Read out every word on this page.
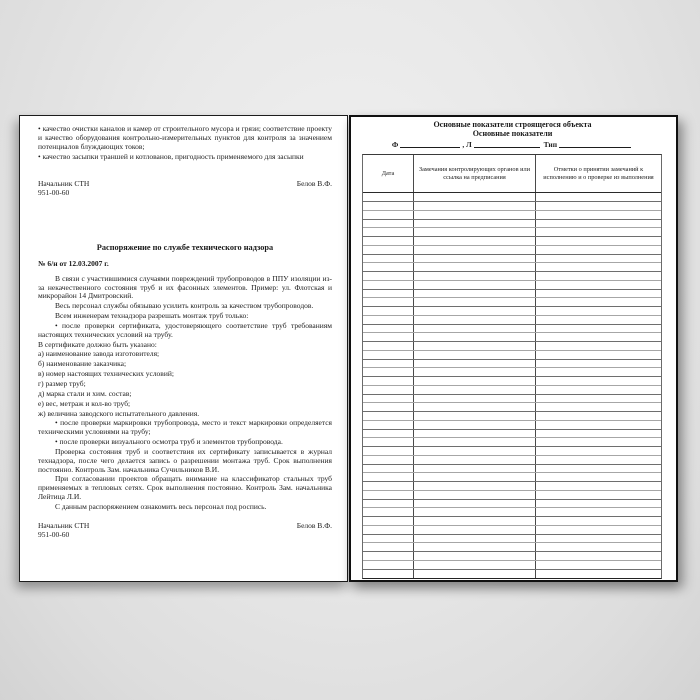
• качество очистки каналов и камер от строительного мусора и грязи; соответствие проекту и качество оборудования контрольно-измерительных пунктов для контроля за значением потенциалов блуждающих токов;

• качество засыпки траншей и котлованов, пригодность применяемого для засыпки

Начальник СТН
951-00-60
Белов В.Ф.
Распоряжение по службе технического надзора
№ 6/н от 12.03.2007 г.

В связи с участившимися случаями повреждений трубопроводов в ППУ изоляции из-за некачественного состояния труб и их фасонных элементов. Пример: ул. Флотская и микрорайон 14 Дмитровский.

Весь персонал службы обязываю усилить контроль за качеством трубопроводов.

Всем инженерам технадзора разрешать монтаж труб только:

• после проверки сертификата, удостоверяющего соответствие труб требованиям настоящих технических условий на трубу.

В сертификате должно быть указано:

а) наименование завода изготовителя;

б) наименование заказчика;

в) номер настоящих технических условий;

г) размер труб;

д) марка стали и хим. состав;

е) вес, метраж и кол-во труб;

ж) величина заводского испытательного давления.

• после проверки маркировки трубопровода, место и текст маркировки определяется техническими условиями на трубу;

• после проверки визуального осмотра труб и элементов трубопровода.

Проверка состояния труб и соответствия их сертификату записывается в журнал технадзора, после чего делается запись о разрешении монтажа труб. Срок выполнения постоянно. Контроль Зам. начальника Сучильников В.И.

При согласовании проектов обращать внимание на классификатор стальных труб применяемых в тепловых сетях. Срок выполнения постоянно. Контроль Зам. начальника Лейтица Л.И.

С данным распоряжением ознакомить весь персонал под роспись.

Начальник СТН
951-00-60
Белов В.Ф.
Основные показатели строящегося объекта
Основные показатели
Ф	, Л	Тип
Дата
Замечания контролирующих органов или ссылка на предписания
Отметки о принятии замечаний к исполнению и о проверке из выполнения
